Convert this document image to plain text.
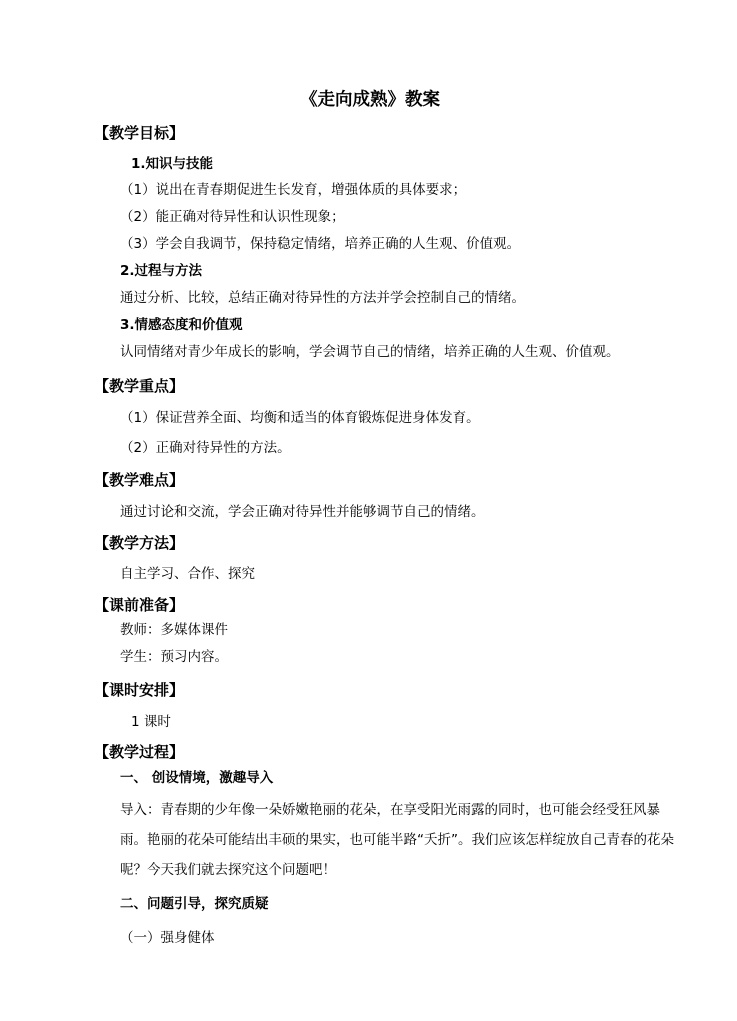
《走向成熟》教案
【教学目标】
1.知识与技能
（1）说出在青春期促进生长发育，增强体质的具体要求；
（2）能正确对待异性和认识性现象；
（3）学会自我调节，保持稳定情绪，培养正确的人生观、价值观。
2.过程与方法
通过分析、比较，总结正确对待异性的方法并学会控制自己的情绪。
3.情感态度和价值观
认同情绪对青少年成长的影响，学会调节自己的情绪，培养正确的人生观、价值观。
【教学重点】
（1）保证营养全面、均衡和适当的体育锻炼促进身体发育。
（2）正确对待异性的方法。
【教学难点】
通过讨论和交流，学会正确对待异性并能够调节自己的情绪。
【教学方法】
自主学习、合作、探究
【课前准备】
教师：多媒体课件
学生：预习内容。
【课时安排】
1 课时
【教学过程】
一、 创设情境，激趣导入
导入：青春期的少年像一朵娇嫩艳丽的花朵，在享受阳光雨露的同时，也可能会经受狂风暴雨。艳丽的花朵可能结出丰硕的果实，也可能半路“夭折”。我们应该怎样绽放自己青春的花朵呢？今天我们就去探究这个问题吧！
二、问题引导，探究质疑
（一）强身健体
